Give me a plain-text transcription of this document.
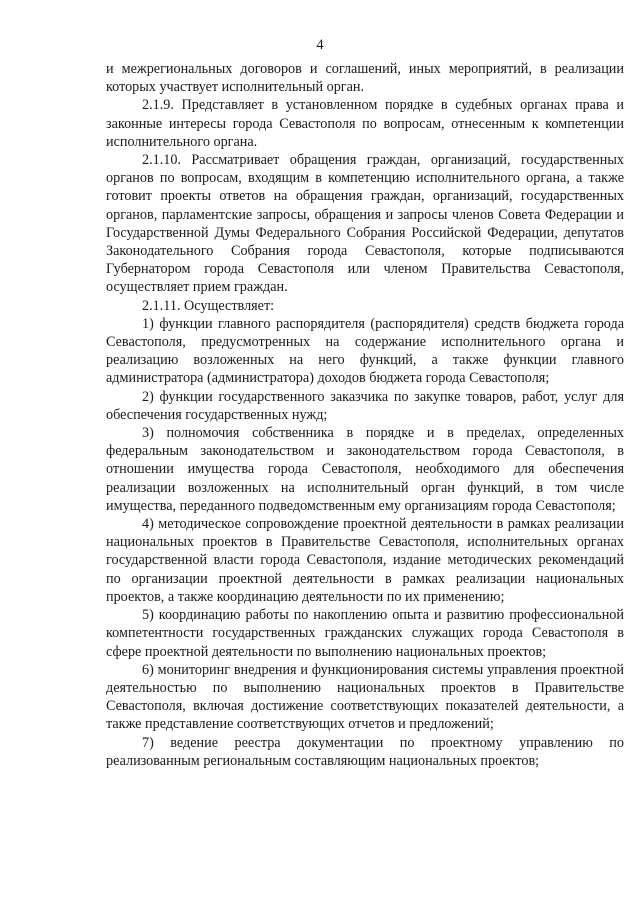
4

и межрегиональных договоров и соглашений, иных мероприятий, в реализации которых участвует исполнительный орган.

2.1.9. Представляет в установленном порядке в судебных органах права и законные интересы города Севастополя по вопросам, отнесенным к компетенции исполнительного органа.

2.1.10. Рассматривает обращения граждан, организаций, государственных органов по вопросам, входящим в компетенцию исполнительного органа, а также готовит проекты ответов на обращения граждан, организаций, государственных органов, парламентские запросы, обращения и запросы членов Совета Федерации и Государственной Думы Федерального Собрания Российской Федерации, депутатов Законодательного Собрания города Севастополя, которые подписываются Губернатором города Севастополя или членом Правительства Севастополя, осуществляет прием граждан.

2.1.11. Осуществляет:

1) функции главного распорядителя (распорядителя) средств бюджета города Севастополя, предусмотренных на содержание исполнительного органа и реализацию возложенных на него функций, а также функции главного администратора (администратора) доходов бюджета города Севастополя;

2) функции государственного заказчика по закупке товаров, работ, услуг для обеспечения государственных нужд;

3) полномочия собственника в порядке и в пределах, определенных федеральным законодательством и законодательством города Севастополя, в отношении имущества города Севастополя, необходимого для обеспечения реализации возложенных на исполнительный орган функций, в том числе имущества, переданного подведомственным ему организациям города Севастополя;

4) методическое сопровождение проектной деятельности в рамках реализации национальных проектов в Правительстве Севастополя, исполнительных органах государственной власти города Севастополя, издание методических рекомендаций по организации проектной деятельности в рамках реализации национальных проектов, а также координацию деятельности по их применению;

5) координацию работы по накоплению опыта и развитию профессиональной компетентности государственных гражданских служащих города Севастополя в сфере проектной деятельности по выполнению национальных проектов;

6) мониторинг внедрения и функционирования системы управления проектной деятельностью по выполнению национальных проектов в Правительстве Севастополя, включая достижение соответствующих показателей деятельности, а также представление соответствующих отчетов и предложений;

7) ведение реестра документации по проектному управлению по реализованным региональным составляющим национальных проектов;
